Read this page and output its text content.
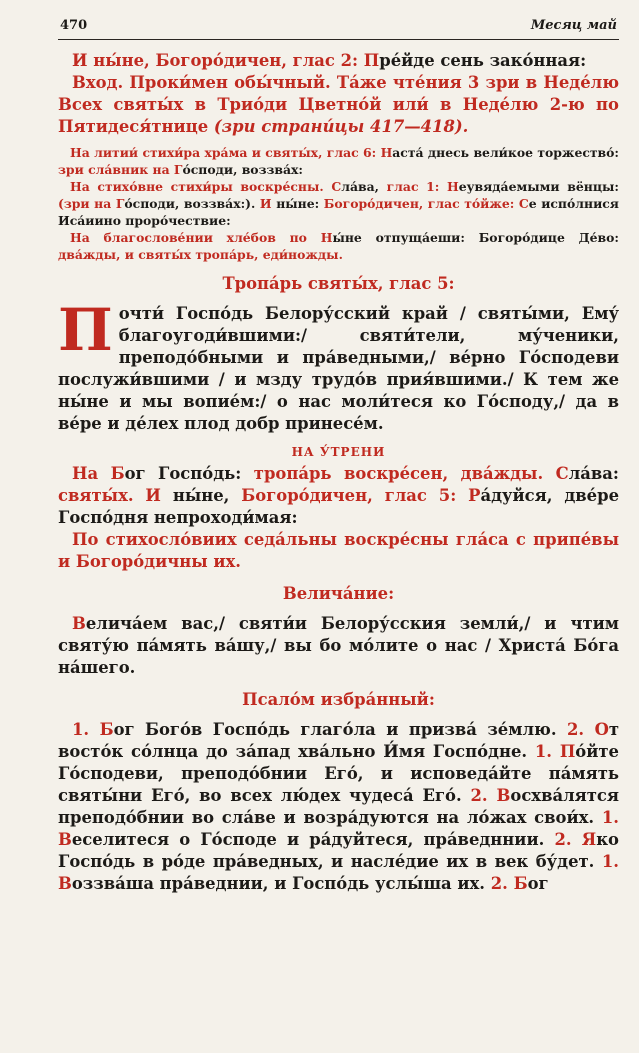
470	Месяц май
И ны́не, Богоро́дичен, глас 2: Пре́йде сень зако́нная:
Вход. Проки́мен обы́чный. Та́же чте́ния 3 зри в Неде́лю Всех святы́х в Трио́ди Цветно́й или́ в Неде́лю 2-ю по Пятидеся́тнице (зри страни́цы 417—418).

На литии́ стихи́ра хра́ма и святы́х, глас 6: Наста́ днесь вели́кое торжество́: зри сла́вник на Го́споди, воззва́х:

На стихо́вне стихи́ры воскре́сны. Сла́ва, глас 1: Неувяда́емыми вёнцы: (зри на Го́споди, воззва́х:). И ны́не: Богоро́дичен, глас то́йже: Се испо́лнися Иса́иино проро́чествие:

На благослове́нии хле́бов по Ны́не отпуща́еши: Богоро́дице Де́во: два́жды, и святы́х тропа́рь, еди́ножды.

Тропа́рь святы́х, глас 5:
Почти́ Госпо́дь Белору́сский край / святы́ми, Ему́ благоугоди́вшими:/ святи́тели, му́ченики, преподо́бными и пра́ведными,/ ве́рно Го́сподеви послужи́вшими / и мзду трудо́в прия́вшими./ К тем же ны́не и мы вопие́м:/ о нас моли́теся ко Го́споду,/ да в ве́ре и де́лех плод добр принесе́м.
НА У́ТРЕНИ
На Бог Госпо́дь: тропа́рь воскре́сен, два́жды. Сла́ва: святы́х. И ны́не, Богоро́дичен, глас 5: Ра́дуйся, две́ре Госпо́дня непроходи́мая:
По стихосло́виих седа́льны воскре́сны гла́са с припе́вы и Богоро́дичны их.
Велича́ние:
Велича́ем вас,/ святи́и Белору́сския земли́,/ и чтим святу́ю па́мять ва́шу,/ вы бо мо́лите о нас / Христа́ Бо́га на́шего.
Псало́м избра́нный:
1. Бог Бого́в Госпо́дь глаго́ла и призва́ зе́млю. 2. От восто́к со́лнца до за́пад хва́льно И́мя Госпо́дне. 1. По́йте Го́сподеви, преподо́бнии Его́, и исповеда́йте па́мять святы́ни Его́, во всех лю́дех чудеса́ Его́. 2. Восхва́лятся преподо́бнии во сла́ве и возра́дуются на ло́жах свои́х. 1. Веселитеся о Го́споде и ра́дуйтеся, пра́ведннии. 2. Яко Госпо́дь в ро́де пра́ведных, и насле́дие их в век бу́дет. 1. Воззва́ша пра́веднии, и Госпо́дь услы́ша их. 2. Бог
